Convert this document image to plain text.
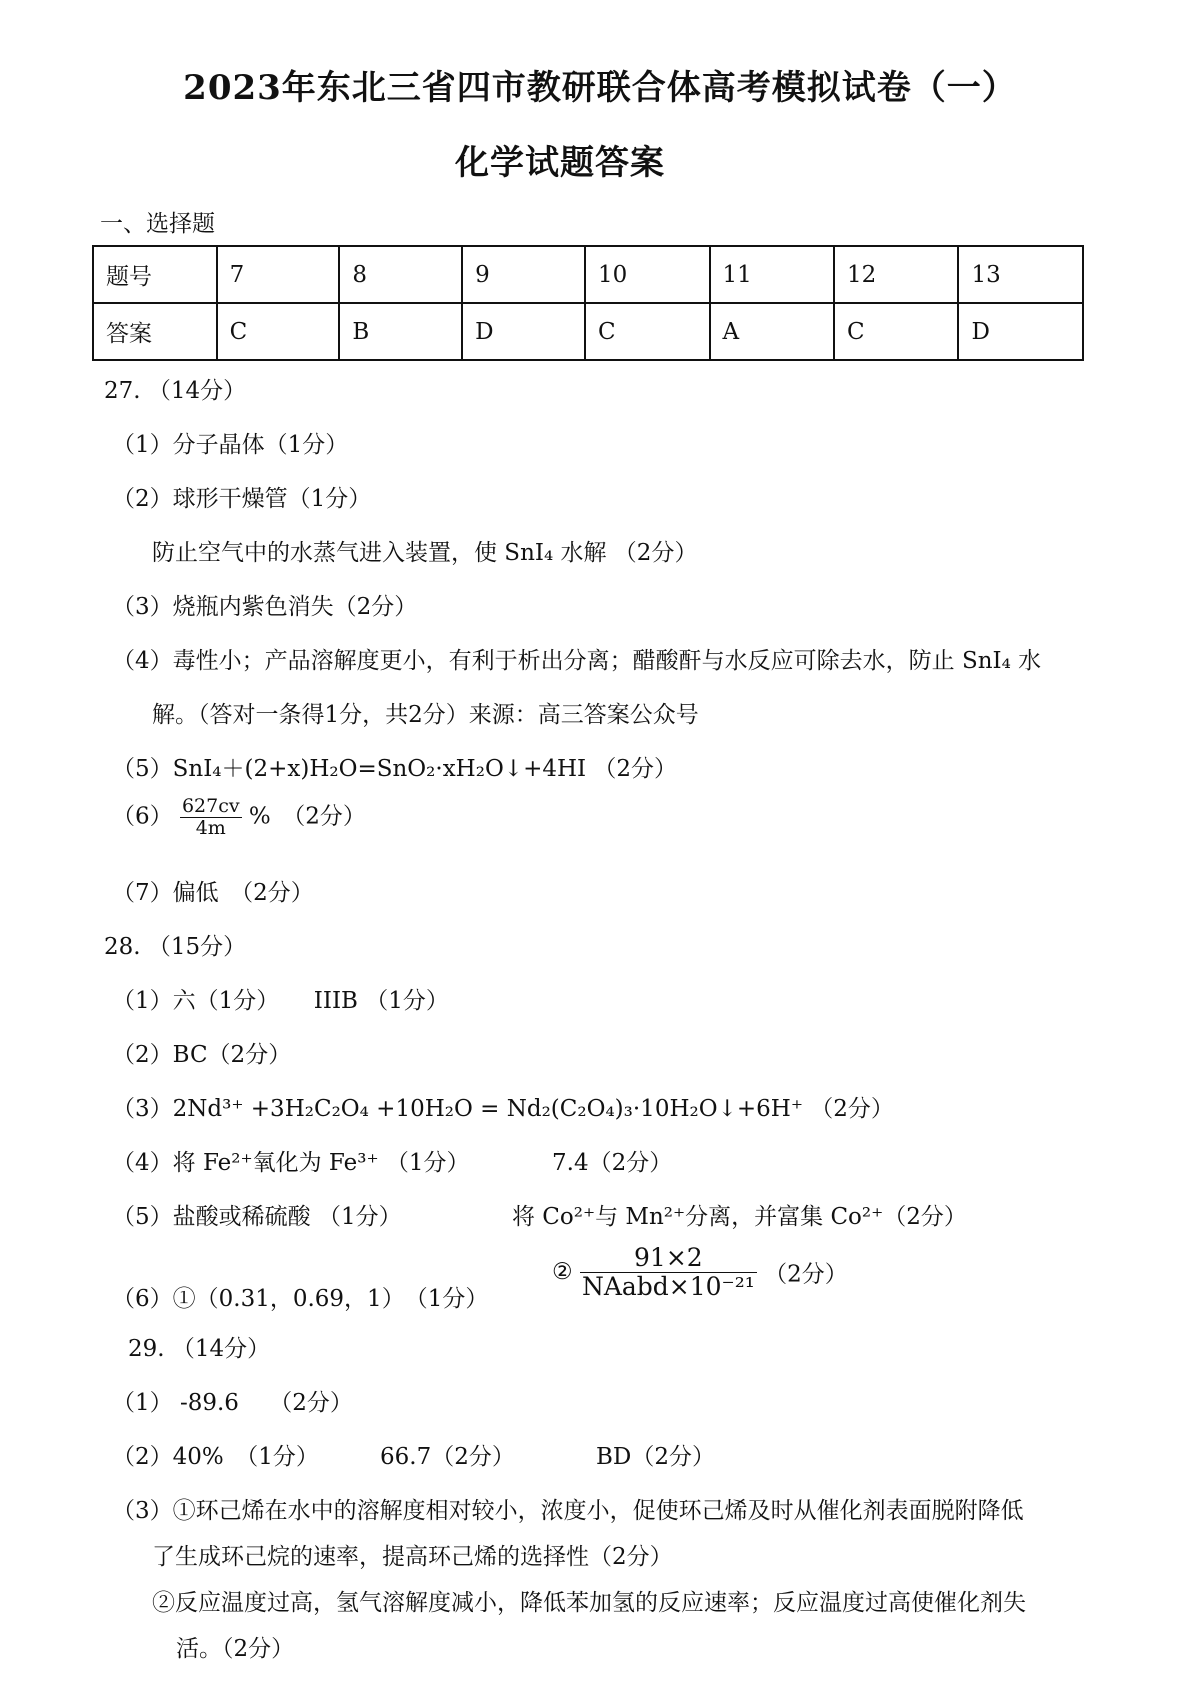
2023年东北三省四市教研联合体高考模拟试卷（一）
化学试题答案
一、选择题
题号	7	8	9	10	11	12	13
答案	C	B	D	C	A	C	D
27. （14分）
（1）分子晶体（1分）
（2）球形干燥管（1分）
防止空气中的水蒸气进入装置，使 SnI₄ 水解 （2分）
（3）烧瓶内紫色消失（2分）
（4）毒性小；产品溶解度更小，有利于析出分离；醋酸酐与水反应可除去水，防止 SnI₄ 水
解。（答对一条得1分，共2分）来源：高三答案公众号
（5）SnI₄＋(2+x)H₂O=SnO₂·xH₂O↓+4HI （2分）
$(6) \frac{627cv}{4m}$ %　（2分）
（7）偏低　（2分）
28. （15分）
（1）六（1分）　　IIIB （1分）
（2）BC（2分）
（3）2Nd³⁺ +3H₂C₂O₄ +10H₂O = Nd₂(C₂O₄)₃·10H₂O↓+6H⁺ （2分）
（4）将 Fe²⁺氧化为 Fe³⁺ （1分）	7.4（2分）
（5）盐酸或稀硫酸 （1分）	将 Co²⁺与 Mn²⁺分离，并富集 Co²⁺（2分）
（6）①（0.31，0.69，1）　（1分）
② $\frac{91\times 2}{\text{NAabd×10⁻²¹}} (2$分）
29. （14分）
（1） -89.6　 （2分）
（2）40%　（1分）	66.7（2分）	BD（2分）
（3）①环己烯在水中的溶解度相对较小，浓度小，促使环己烯及时从催化剂表面脱附降低
了生成环己烷的速率，提高环己烯的选择性（2分）
②反应温度过高，氢气溶解度减小，降低苯加氢的反应速率；反应温度过高使催化剂失
活。（2分）
